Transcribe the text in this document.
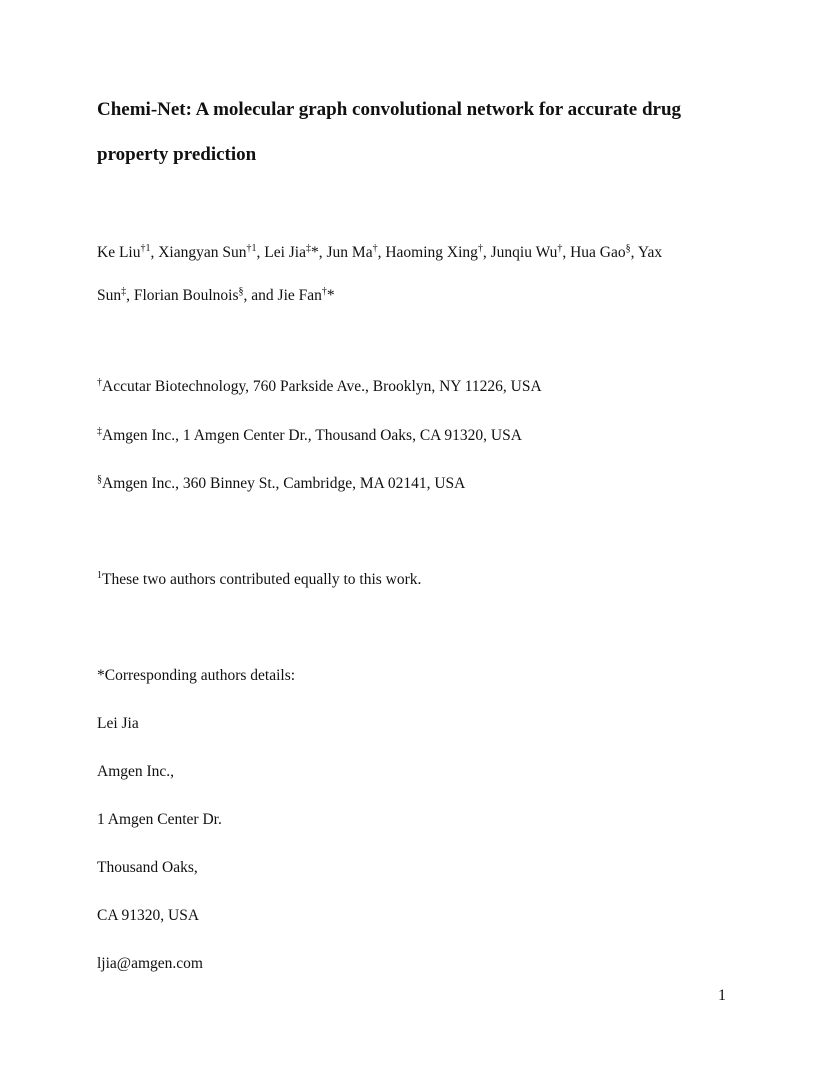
Chemi-Net: A molecular graph convolutional network for accurate drug
property prediction
Ke Liu$^{\dagger 1}$, Xiangyan Sun$^{\dagger 1}$, Lei Jia‡*, Jun Ma†, Haoming Xing†, Junqiu Wu†, Hua Gao§, Yax
Sun‡, Florian Boulnois§, and Jie Fan†*
†Accutar Biotechnology, 760 Parkside Ave., Brooklyn, NY 11226, USA
‡Amgen Inc., 1 Amgen Center Dr., Thousand Oaks, CA 91320, USA
§Amgen Inc., 360 Binney St., Cambridge, MA 02141, USA
$^1$These two authors contributed equally to this work.
*Corresponding authors details:
Lei Jia
Amgen Inc.,
1 Amgen Center Dr.
Thousand Oaks,
CA 91320, USA
ljia@amgen.com
1
